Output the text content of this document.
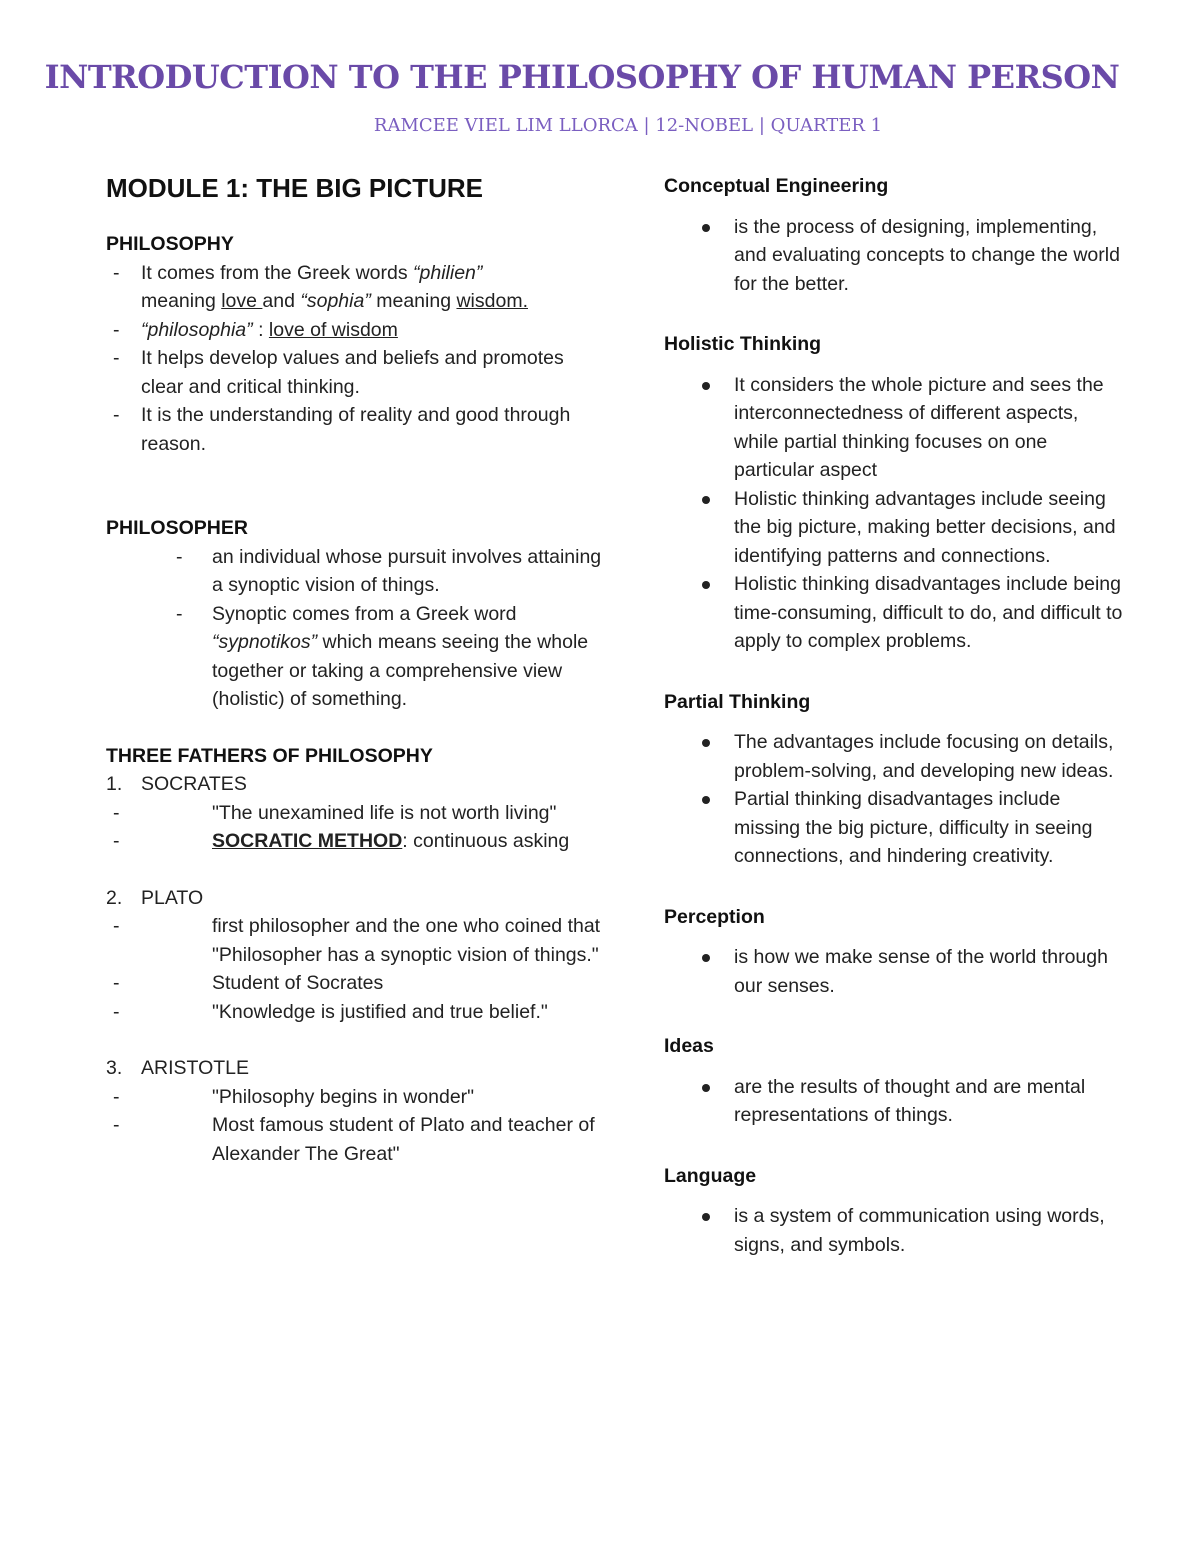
INTRODUCTION TO THE PHILOSOPHY OF HUMAN PERSON
RAMCEE VIEL LIM LLORCA | 12-NOBEL | QUARTER 1
MODULE 1: THE BIG PICTURE
PHILOSOPHY
- It comes from the Greek words “philien”
meaning love and “sophia” meaning wisdom.
- “philosophia” : love of wisdom
- It helps develop values and beliefs and promotes clear and critical thinking.
- It is the understanding of reality and good through reason.
PHILOSOPHER
- an individual whose pursuit involves attaining a synoptic vision of things.
- Synoptic comes from a Greek word “sypnotikos” which means seeing the whole together or taking a comprehensive view (holistic) of something.
THREE FATHERS OF PHILOSOPHY
1. SOCRATES
- "The unexamined life is not worth living"
- SOCRATIC METHOD: continuous asking
2. PLATO
- first philosopher and the one who coined that "Philosopher has a synoptic vision of things."
- Student of Socrates
- "Knowledge is justified and true belief."
3. ARISTOTLE
- "Philosophy begins in wonder"
- Most famous student of Plato and teacher of Alexander The Great"
Conceptual Engineering
is the process of designing, implementing, and evaluating concepts to change the world for the better.
Holistic Thinking
It considers the whole picture and sees the interconnectedness of different aspects, while partial thinking focuses on one particular aspect
Holistic thinking advantages include seeing the big picture, making better decisions, and identifying patterns and connections.
Holistic thinking disadvantages include being time-consuming, difficult to do, and difficult to apply to complex problems.
Partial Thinking
The advantages include focusing on details, problem-solving, and developing new ideas.
Partial thinking disadvantages include missing the big picture, difficulty in seeing connections, and hindering creativity.
Perception
is how we make sense of the world through our senses.
Ideas
are the results of thought and are mental representations of things.
Language
is a system of communication using words, signs, and symbols.
